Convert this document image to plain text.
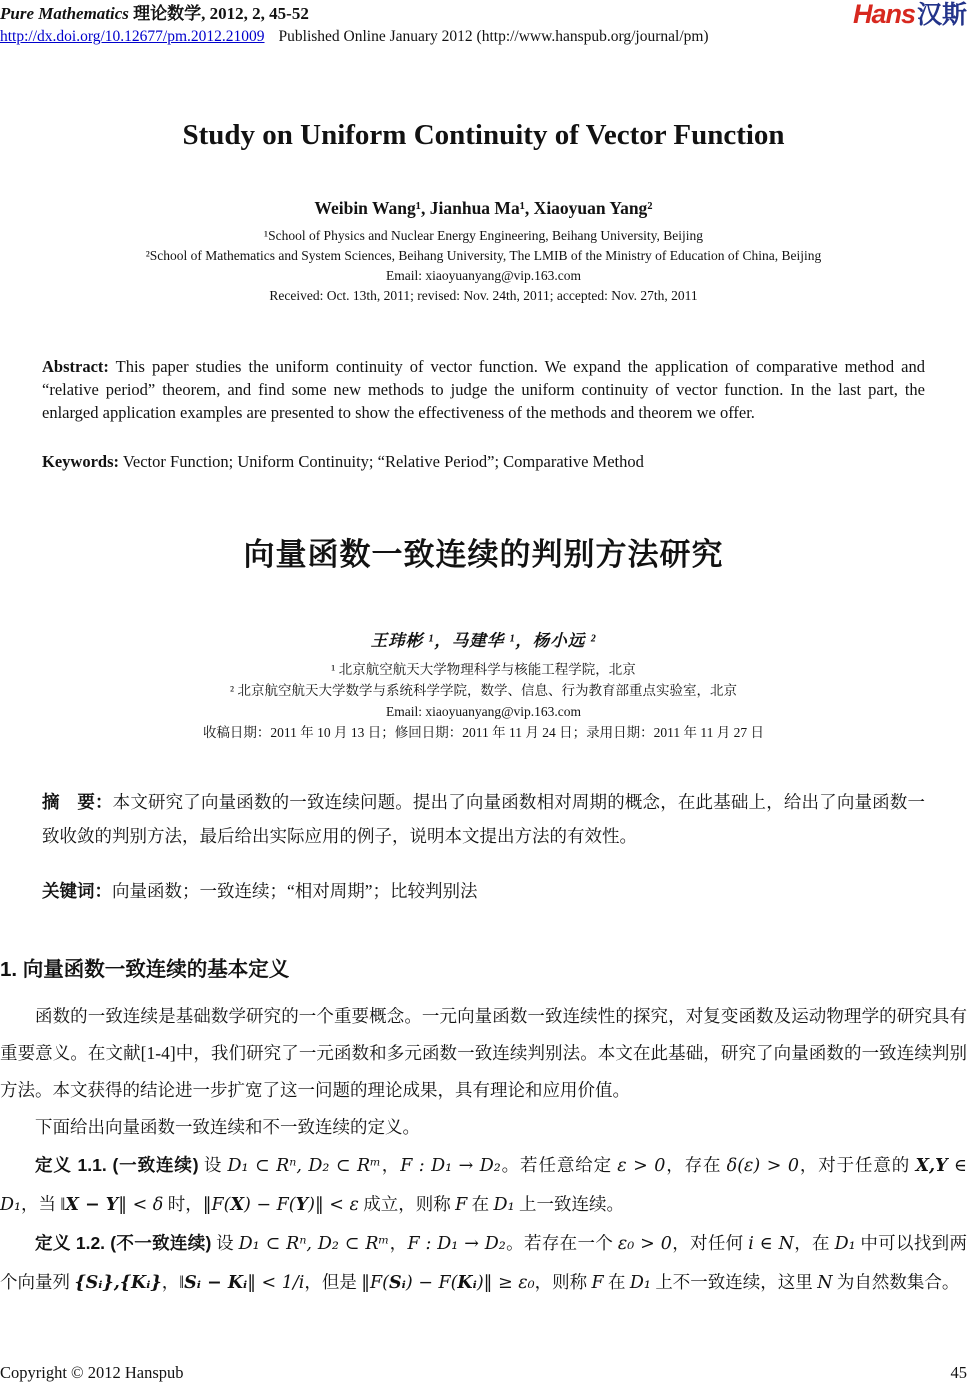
Pure Mathematics 理论数学, 2012, 2, 45-52
http://dx.doi.org/10.12677/pm.2012.21009 Published Online January 2012 (http://www.hanspub.org/journal/pm)
Hans汉斯
Study on Uniform Continuity of Vector Function
Weibin Wang¹, Jianhua Ma¹, Xiaoyuan Yang²
¹School of Physics and Nuclear Energy Engineering, Beihang University, Beijing
²School of Mathematics and System Sciences, Beihang University, The LMIB of the Ministry of Education of China, Beijing
Email: xiaoyuanyang@vip.163.com
Received: Oct. 13th, 2011; revised: Nov. 24th, 2011; accepted: Nov. 27th, 2011

Abstract: This paper studies the uniform continuity of vector function. We expand the application of comparative method and “relative period” theorem, and find some new methods to judge the uniform continuity of vector function. In the last part, the enlarged application examples are presented to show the effectiveness of the methods and theorem we offer.

Keywords: Vector Function; Uniform Continuity; “Relative Period”; Comparative Method

向量函数一致连续的判别方法研究
王玮彬 ¹，马建华 ¹，杨小远 ²
¹ 北京航空航天大学物理科学与核能工程学院，北京
² 北京航空航天大学数学与系统科学学院，数学、信息、行为教育部重点实验室，北京
Email: xiaoyuanyang@vip.163.com
收稿日期：2011 年 10 月 13 日；修回日期：2011 年 11 月 24 日；录用日期：2011 年 11 月 27 日

摘　要：本文研究了向量函数的一致连续问题。提出了向量函数相对周期的概念，在此基础上，给出了向量函数一致收敛的判别方法，最后给出实际应用的例子，说明本文提出方法的有效性。

关键词：向量函数；一致连续；“相对周期”；比较判别法

1. 向量函数一致连续的基本定义

函数的一致连续是基础数学研究的一个重要概念。一元向量函数一致连续性的探究，对复变函数及运动物理学的研究具有重要意义。在文献[1-4]中，我们研究了一元函数和多元函数一致连续判别法。本文在此基础，研究了向量函数的一致连续判别方法。本文获得的结论进一步扩宽了这一问题的理论成果，具有理论和应用价值。

下面给出向量函数一致连续和不一致连续的定义。

定义 1.1. (一致连续) 设 D₁ ⊂ Rⁿ, D₂ ⊂ Rᵐ，F : D₁ → D₂。若任意给定 ε > 0，存在 δ(ε) > 0，对于任意的 X,Y ∈ D₁，当 ‖X − Y‖ < δ 时，‖F(X) − F(Y)‖ < ε 成立，则称 F 在 D₁ 上一致连续。

定义 1.2. (不一致连续) 设 D₁ ⊂ Rⁿ, D₂ ⊂ Rᵐ，F : D₁ → D₂。若存在一个 ε₀ > 0，对任何 i ∈ N，在 D₁ 中可以找到两个向量列 {Sᵢ},{Kᵢ}，‖Sᵢ − Kᵢ‖ < 1/i，但是 ‖F(Sᵢ) − F(Kᵢ)‖ ≥ ε₀，则称 F 在 D₁ 上不一致连续，这里 N 为自然数集合。

Copyright © 2012 Hanspub	45
